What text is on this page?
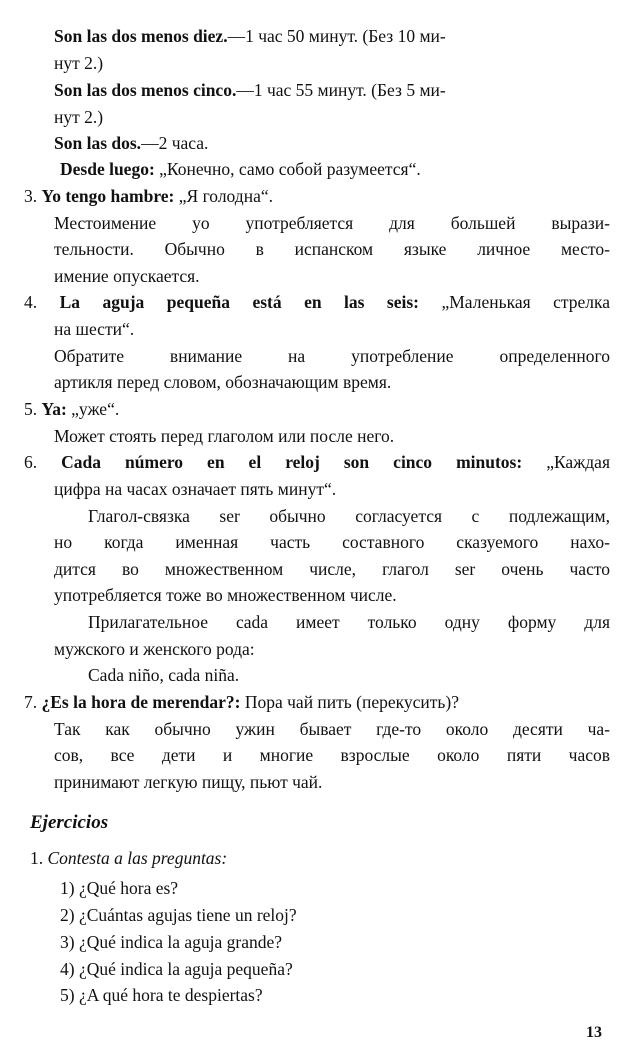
Son las dos menos diez.—1 час 50 минут. (Без 10 ми-
нут 2.)
Son las dos menos cinco.—1 час 55 минут. (Без 5 ми-
нут 2.)
Son las dos.—2 часа.
Desde luego: „Конечно, само собой разумеется“.
3. Yo tengo hambre: „Я голодна“.
Местоимение yo употребляется для большей вырази-
тельности. Обычно в испанском языке личное место-
имение опускается.
4. La aguja pequeña está en las seis: „Маленькая стрелка
на шести“.
Обратите внимание на употребление определенного
артикля перед словом, обозначающим время.
5. Ya: „уже“.
Может стоять перед глаголом или после него.
6. Cada número en el reloj son cinco minutos: „Каждая
цифра на часах означает пять минут“.
Глагол-связка ser обычно согласуется с подлежащим,
но когда именная часть составного сказуемого нахо-
дится во множественном числе, глагол ser очень часто
употребляется тоже во множественном числе.
Прилагательное cada имеет только одну форму для
мужского и женского рода:
Cada niño, cada niña.
7. ¿Es la hora de merendar?: Пора чай пить (перекусить)?
Так как обычно ужин бывает где-то около десяти ча-
сов, все дети и многие взрослые около пяти часов
принимают легкую пищу, пьют чай.
Ejercicios
1. Contesta a las preguntas:
1) ¿Qué hora es?
2) ¿Cuántas agujas tiene un reloj?
3) ¿Qué indica la aguja grande?
4) ¿Qué indica la aguja pequeña?
5) ¿A qué hora te despiertas?
13
